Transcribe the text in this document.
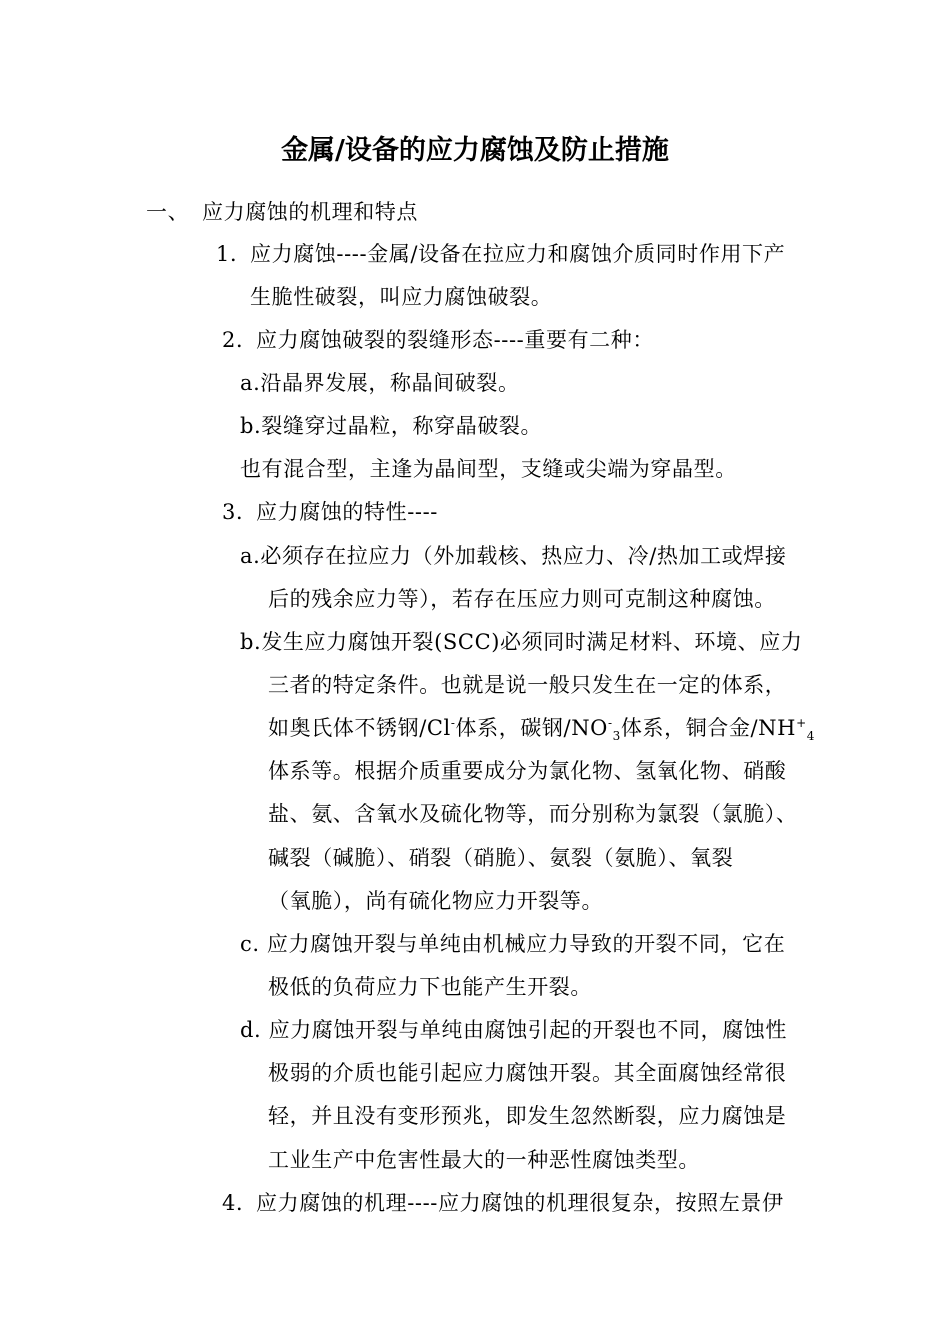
金属/设备的应力腐蚀及防止措施

一、 应力腐蚀的机理和特点

1．

应力腐蚀----金属/设备在拉应力和腐蚀介质同时作用下产

生脆性破裂，叫应力腐蚀破裂。

2．

应力腐蚀破裂的裂缝形态----重要有二种：

a.沿晶界发展，称晶间破裂。

b.裂缝穿过晶粒，称穿晶破裂。

也有混合型，主逢为晶间型，支缝或尖端为穿晶型。

3．

应力腐蚀的特性----

a.必须存在拉应力（外加载核、热应力、冷/热加工或焊接

后的残余应力等），若存在压应力则可克制这种腐蚀。

b.发生应力腐蚀开裂(SCC)必须同时满足材料、环境、应力

三者的特定条件。也就是说一般只发生在一定的体系，

如奥氏体不锈钢/Cl-体系，碳钢$/NO^-_3$体系，铜合金$/NH^+_4$

体系等。根据介质重要成分为氯化物、氢氧化物、硝酸

盐、氨、含氧水及硫化物等，而分别称为氯裂（氯脆）、

碱裂（碱脆）、硝裂（硝脆）、氨裂（氨脆）、氧裂

（氧脆），尚有硫化物应力开裂等。

c. 应力腐蚀开裂与单纯由机械应力导致的开裂不同，它在

极低的负荷应力下也能产生开裂。

d. 应力腐蚀开裂与单纯由腐蚀引起的开裂也不同，腐蚀性

极弱的介质也能引起应力腐蚀开裂。其全面腐蚀经常很

轻，并且没有变形预兆，即发生忽然断裂，应力腐蚀是

工业生产中危害性最大的一种恶性腐蚀类型。

4．

应力腐蚀的机理----应力腐蚀的机理很复杂，按照左景伊
